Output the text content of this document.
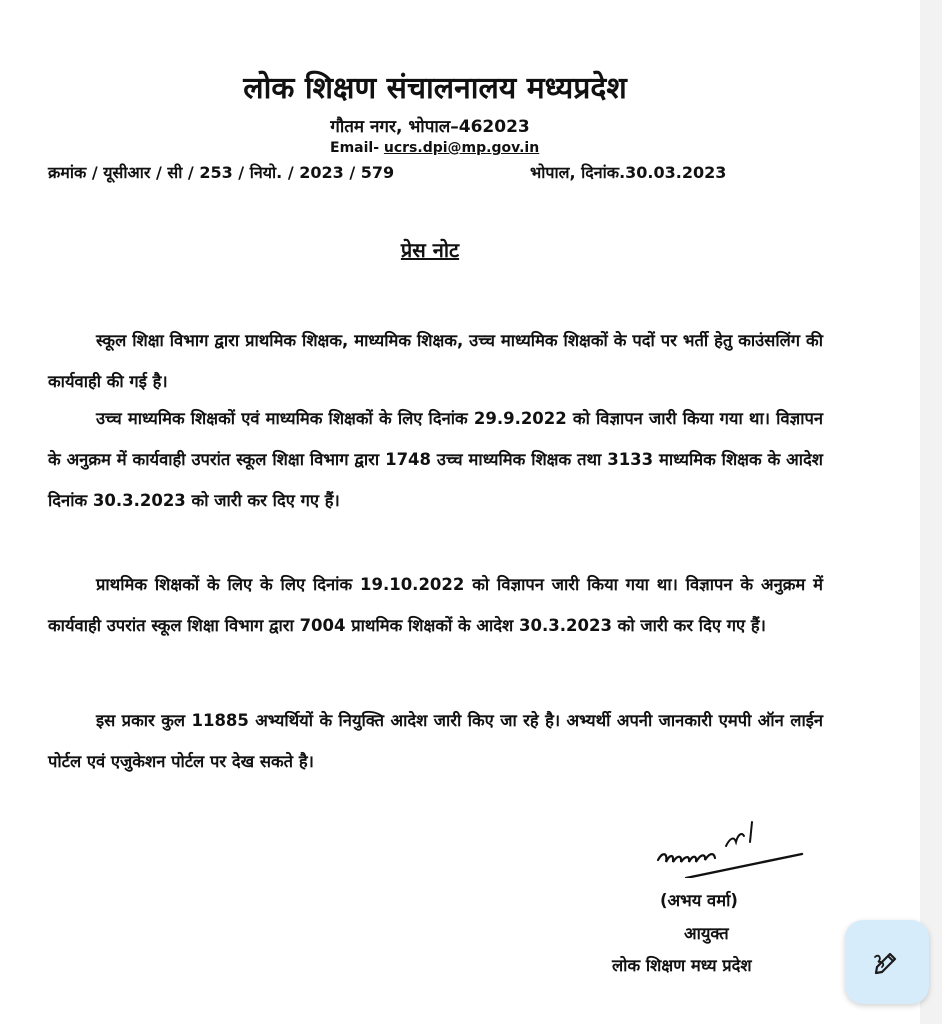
लोक शिक्षण संचालनालय मध्यप्रदेश
गौतम नगर, भोपाल–462023
Email- ucrs.dpi@mp.gov.in
क्रमांक / यूसीआर / सी / 253 / नियो. / 2023 / 579	भोपाल, दिनांक.30.03.2023
प्रेस नोट
स्कूल शिक्षा विभाग द्वारा प्राथमिक शिक्षक, माध्यमिक शिक्षक, उच्च माध्यमिक शिक्षकों के पदों पर भर्ती हेतु काउंसलिंग की कार्यवाही की गई है।
उच्च माध्यमिक शिक्षकों एवं माध्यमिक शिक्षकों के लिए दिनांक 29.9.2022 को विज्ञापन जारी किया गया था। विज्ञापन के अनुक्रम में कार्यवाही उपरांत स्कूल शिक्षा विभाग द्वारा 1748 उच्च माध्यमिक शिक्षक तथा 3133 माध्यमिक शिक्षक के आदेश दिनांक 30.3.2023 को जारी कर दिए गए हैं।
प्राथमिक शिक्षकों के लिए के लिए दिनांक 19.10.2022 को विज्ञापन जारी किया गया था। विज्ञापन के अनुक्रम में कार्यवाही उपरांत स्कूल शिक्षा विभाग द्वारा 7004 प्राथमिक शिक्षकों के आदेश 30.3.2023 को जारी कर दिए गए हैं।
इस प्रकार कुल 11885 अभ्यर्थियों के नियुक्ति आदेश जारी किए जा रहे है। अभ्यर्थी अपनी जानकारी एमपी ऑन लाईन पोर्टल एवं एजुकेशन पोर्टल पर देख सकते है।
(अभय वर्मा)
आयुक्त
लोक शिक्षण मध्य प्रदेश
